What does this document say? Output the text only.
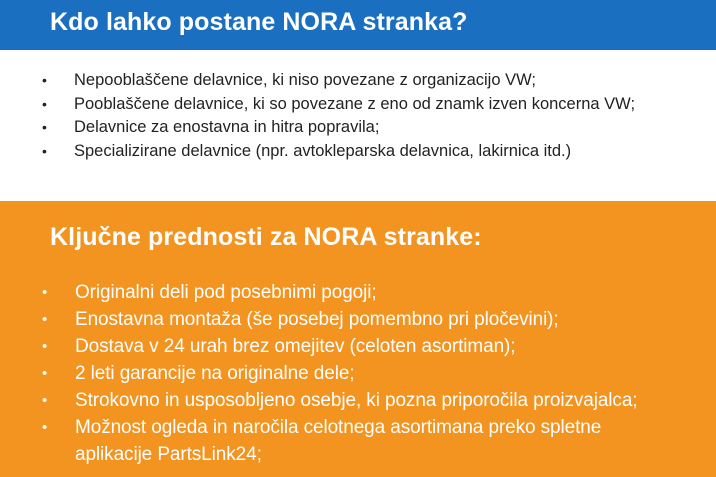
Kdo lahko postane NORA stranka?
• Nepooblaščene delavnice, ki niso povezane z organizacijo VW;
• Pooblaščene delavnice, ki so povezane z eno od znamk izven koncerna VW;
• Delavnice za enostavna in hitra popravila;
• Specializirane delavnice (npr. avtokleparska delavnica, lakirnica itd.)
Ključne prednosti za NORA stranke:
• Originalni deli pod posebnimi pogoji;
• Enostavna montaža (še posebej pomembno pri pločevini);
• Dostava v 24 urah brez omejitev (celoten asortiman);
• 2 leti garancije na originalne dele;
• Strokovno in usposobljeno osebje, ki pozna priporočila proizvajalca;
• Možnost ogleda in naročila celotnega asortimana preko spletne aplikacije PartsLink24;
